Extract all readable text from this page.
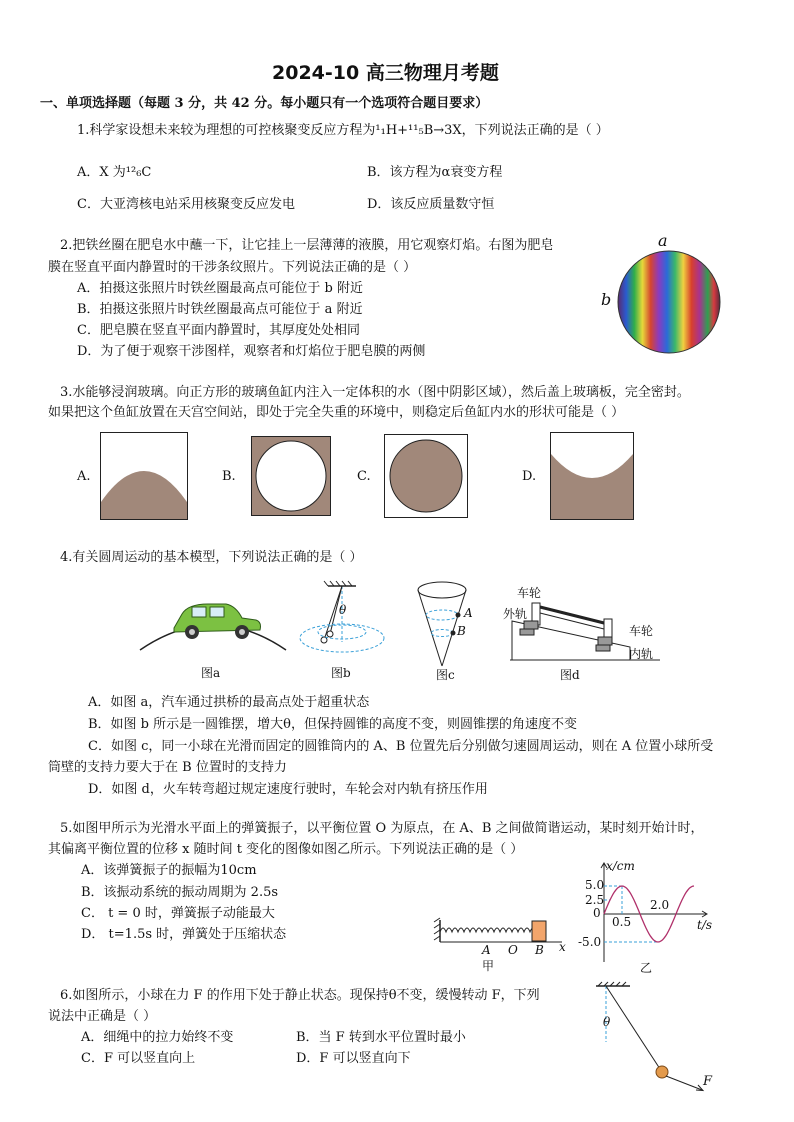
2024-10 高三物理月考题
一、单项选择题（每题 3 分，共 42 分。每小题只有一个选项符合题目要求）
1.科学家设想未来较为理想的可控核聚变反应方程为¹₁H+¹¹₅B→3X，下列说法正确的是（ ）
A．X 为¹²₆C	B．该方程为α衰变方程
C．大亚湾核电站采用核聚变反应发电	D．该反应质量数守恒
2.把铁丝圈在肥皂水中蘸一下，让它挂上一层薄薄的液膜，用它观察灯焰。右图为肥皂
膜在竖直平面内静置时的干涉条纹照片。下列说法正确的是（ ）
A．拍摄这张照片时铁丝圈最高点可能位于 b 附近
B．拍摄这张照片时铁丝圈最高点可能位于 a 附近
C．肥皂膜在竖直平面内静置时，其厚度处处相同
D．为了便于观察干涉图样，观察者和灯焰位于肥皂膜的两侧
a
b
3.水能够浸润玻璃。向正方形的玻璃鱼缸内注入一定体积的水（图中阴影区域），然后盖上玻璃板，完全密封。
如果把这个鱼缸放置在天宫空间站，即处于完全失重的环境中，则稳定后鱼缸内水的形状可能是（ ）
A.	B.	C.	D.
4.有关圆周运动的基本模型，下列说法正确的是（ ）
图a
θ
图b
A
B
图c
车轮
外轨
车轮
内轨
图d
A．如图 a，汽车通过拱桥的最高点处于超重状态
B．如图 b 所示是一圆锥摆，增大θ，但保持圆锥的高度不变，则圆锥摆的角速度不变
C．如图 c，同一小球在光滑而固定的圆锥筒内的 A、B 位置先后分别做匀速圆周运动，则在 A 位置小球所受
筒壁的支持力要大于在 B 位置时的支持力
D．如图 d，火车转弯超过规定速度行驶时，车轮会对内轨有挤压作用
5.如图甲所示为光滑水平面上的弹簧振子，以平衡位置 O 为原点，在 A、B 之间做简谐运动，某时刻开始计时，
其偏离平衡位置的位移 x 随时间 t 变化的图像如图乙所示。下列说法正确的是（ ）
A．该弹簧振子的振幅为10cm
B．该振动系统的振动周期为 2.5s
C． t = 0 时，弹簧振子动能最大
D． t=1.5s 时，弹簧处于压缩状态
A O B x
甲
x/cm
t/s
5.0
2.5
0
-5.0
0.5
2.0
乙
6.如图所示，小球在力 F 的作用下处于静止状态。现保持θ不变，缓慢转动 F，下列
说法中正确是（ ）
A．细绳中的拉力始终不变	B．当 F 转到水平位置时最小
C．F 可以竖直向上	D．F 可以竖直向下
θ
F
